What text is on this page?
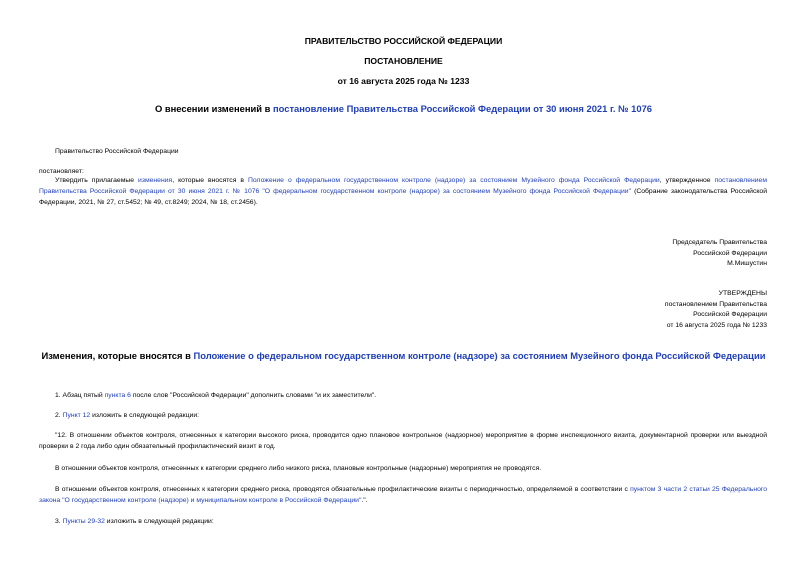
ПРАВИТЕЛЬСТВО РОССИЙСКОЙ ФЕДЕРАЦИИ
ПОСТАНОВЛЕНИЕ
от 16 августа 2025 года № 1233
О внесении изменений в постановление Правительства Российской Федерации от 30 июня 2021 г. № 1076
Правительство Российской Федерации
постановляет:
Утвердить прилагаемые изменения, которые вносятся в Положение о федеральном государственном контроле (надзоре) за состоянием Музейного фонда Российской Федерации, утвержденное постановлением Правительства Российской Федерации от 30 июня 2021 г. № 1076 "О федеральном государственном контроле (надзоре) за состоянием Музейного фонда Российской Федерации" (Собрание законодательства Российской Федерации, 2021, № 27, ст.5452; № 49, ст.8249; 2024, № 18, ст.2456).
Председатель Правительства
Российской Федерации
М.Мишустин
УТВЕРЖДЕНЫ
постановлением Правительства
Российской Федерации
от 16 августа 2025 года № 1233
Изменения, которые вносятся в Положение о федеральном государственном контроле (надзоре) за состоянием Музейного фонда Российской Федерации
1. Абзац пятый пункта 6 после слов "Российской Федерации" дополнить словами "и их заместители".
2. Пункт 12 изложить в следующей редакции:
"12. В отношении объектов контроля, отнесенных к категории высокого риска, проводится одно плановое контрольное (надзорное) мероприятие в форме инспекционного визита, документарной проверки или выездной проверки в 2 года либо один обязательный профилактический визит в год.
В отношении объектов контроля, отнесенных к категории среднего либо низкого риска, плановые контрольные (надзорные) мероприятия не проводятся.
В отношении объектов контроля, отнесенных к категории среднего риска, проводятся обязательные профилактические визиты с периодичностью, определяемой в соответствии с пунктом 3 части 2 статьи 25 Федерального закона "О государственном контроле (надзоре) и муниципальном контроле в Российской Федерации".".
3. Пункты 29-32 изложить в следующей редакции:
